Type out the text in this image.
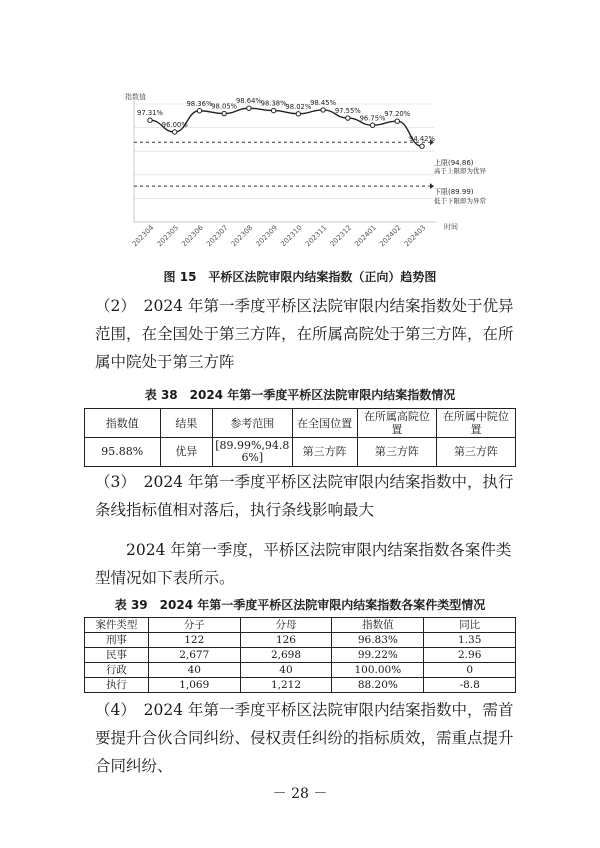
指数值
时间
上限(94.86)
高于上限即为优异
下限(89.99)
低于下限即为异常
97.31%
96.00%
98.36%
98.05%
98.64%
98.38%
98.02%
98.45%
97.55%
96.75%
97.20%
94.42%
202304 202305 202306 202307 202308 202309 202310 202311 202312 202401 202402 202403
图 15　平桥区法院审限内结案指数（正向）趋势图

（2）　2024 年第一季度平桥区法院审限内结案指数处于优异范围，在全国处于第三方阵，在所属高院处于第三方阵，在所属中院处于第三方阵

表 38　2024 年第一季度平桥区法院审限内结案指数情况
指数值	结果	参考范围	在全国位置	在所属高院位置	在所属中院位置
95.88%	优异	[89.99%,94.86%]	第三方阵	第三方阵	第三方阵

（3）　2024 年第一季度平桥区法院审限内结案指数中，执行条线指标值相对落后，执行条线影响最大

2024 年第一季度，平桥区法院审限内结案指数各案件类型情况如下表所示。

表 39　2024 年第一季度平桥区法院审限内结案指数各案件类型情况
案件类型	分子	分母	指数值	同比
刑事	122	126	96.83%	1.35
民事	2,677	2,698	99.22%	2.96
行政	40	40	100.00%	0
执行	1,069	1,212	88.20%	-8.8

（4）　2024 年第一季度平桥区法院审限内结案指数中，需首要提升合伙合同纠纷、侵权责任纠纷的指标质效，需重点提升合同纠纷、

－ 28 －
